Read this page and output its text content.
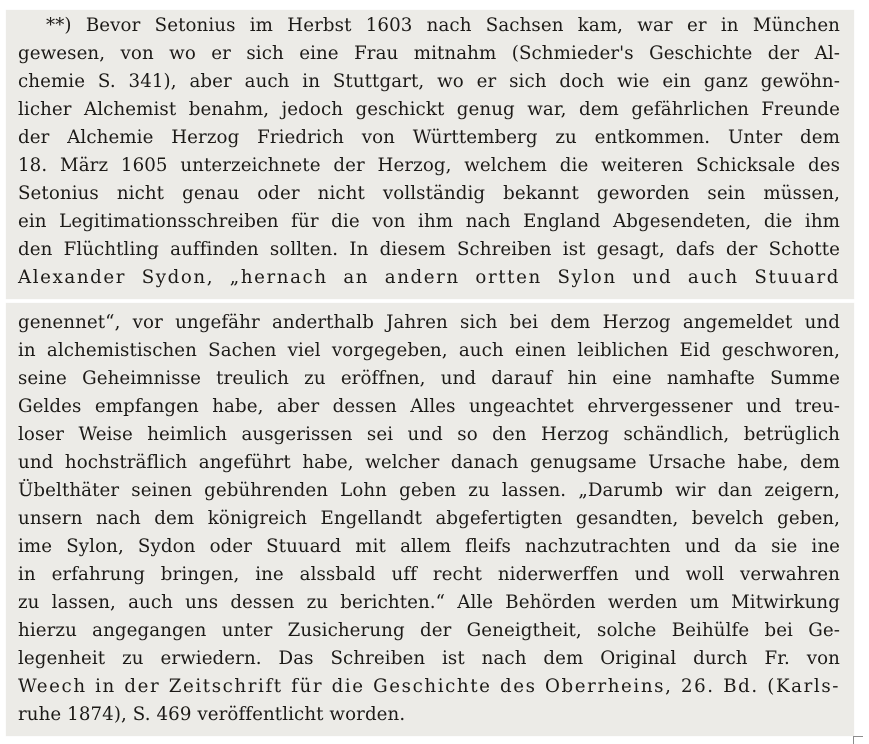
**) Bevor Setonius im Herbst 1603 nach Sachsen kam, war er in München
gewesen, von wo er sich eine Frau mitnahm (Schmieder's Geschichte der Al-
chemie S. 341), aber auch in Stuttgart, wo er sich doch wie ein ganz gewöhn-
licher Alchemist benahm, jedoch geschickt genug war, dem gefährlichen Freunde
der Alchemie Herzog Friedrich von Württemberg zu entkommen. Unter dem
18. März 1605 unterzeichnete der Herzog, welchem die weiteren Schicksale des
Setonius nicht genau oder nicht vollständig bekannt geworden sein müssen,
ein Legitimationsschreiben für die von ihm nach England Abgesendeten, die ihm
den Flüchtling auffinden sollten. In diesem Schreiben ist gesagt, dafs der Schotte
Alexander Sydon, „hernach an andern ortten Sylon und auch Stuuard
genennet“, vor ungefähr anderthalb Jahren sich bei dem Herzog angemeldet und
in alchemistischen Sachen viel vorgegeben, auch einen leiblichen Eid geschworen,
seine Geheimnisse treulich zu eröffnen, und darauf hin eine namhafte Summe
Geldes empfangen habe, aber dessen Alles ungeachtet ehrvergessener und treu-
loser Weise heimlich ausgerissen sei und so den Herzog schändlich, betrüglich
und hochsträflich angeführt habe, welcher danach genugsame Ursache habe, dem
Übelthäter seinen gebührenden Lohn geben zu lassen. „Darumb wir dan zeigern,
unsern nach dem königreich Engellandt abgefertigten gesandten, bevelch geben,
ime Sylon, Sydon oder Stuuard mit allem fleifs nachzutrachten und da sie ine
in erfahrung bringen, ine alssbald uff recht niderwerffen und woll verwahren
zu lassen, auch uns dessen zu berichten.“ Alle Behörden werden um Mitwirkung
hierzu angegangen unter Zusicherung der Geneigtheit, solche Beihülfe bei Ge-
legenheit zu erwiedern. Das Schreiben ist nach dem Original durch Fr. von
Weech in der Zeitschrift für die Geschichte des Oberrheins, 26. Bd. (Karls-
ruhe 1874), S. 469 veröffentlicht worden.
